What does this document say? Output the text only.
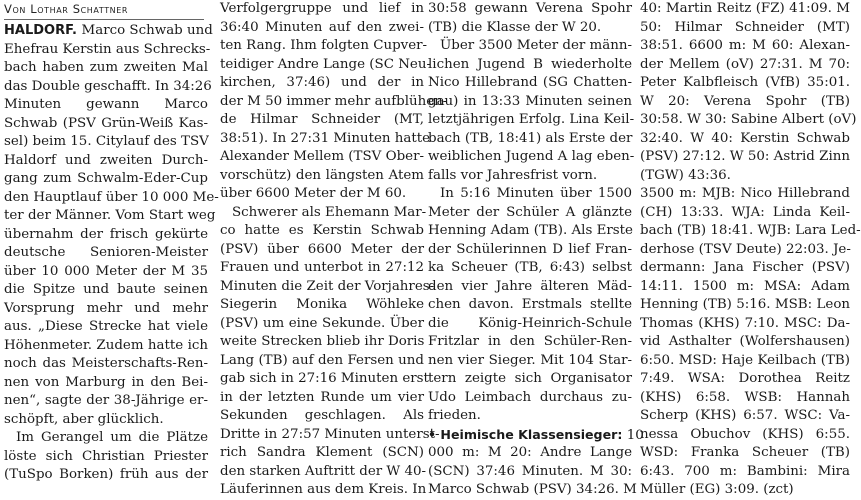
Von Lothar Schattner
HALDORF. Marco Schwab und
Ehefrau Kerstin aus Schrecks-
bach haben zum zweiten Mal
das Double geschafft. In 34:26
Minuten gewann Marco
Schwab (PSV Grün-Weiß Kas-
sel) beim 15. Citylauf des TSV
Haldorf und zweiten Durch-
gang zum Schwalm-Eder-Cup
den Hauptlauf über 10 000 Me-
ter der Männer. Vom Start weg
übernahm der frisch gekürte
deutsche Senioren-Meister
über 10 000 Meter der M 35
die Spitze und baute seinen
Vorsprung mehr und mehr
aus. „Diese Strecke hat viele
Höhenmeter. Zudem hatte ich
noch das Meisterschafts-Ren-
nen von Marburg in den Bei-
nen“, sagte der 38-Jährige er-
schöpft, aber glücklich.
Im Gerangel um die Plätze
löste sich Christian Priester
(TuSpo Borken) früh aus der
Verfolgergruppe und lief in
36:40 Minuten auf den zwei-
ten Rang. Ihm folgten Cupver-
teidiger Andre Lange (SC Neu-
kirchen, 37:46) und der in
der M 50 immer mehr aufblühen-
de Hilmar Schneider (MT,
38:51). In 27:31 Minuten hatte
Alexander Mellem (TSV Ober-
vorschütz) den längsten Atem
über 6600 Meter der M 60.
Schwerer als Ehemann Mar-
co hatte es Kerstin Schwab
(PSV) über 6600 Meter der
Frauen und unterbot in 27:12
Minuten die Zeit der Vorjahres-
Siegerin Monika Wöhleke
(PSV) um eine Sekunde. Über
weite Strecken blieb ihr Doris
Lang (TB) auf den Fersen und
gab sich in 27:16 Minuten erst
in der letzten Runde um vier
Sekunden geschlagen. Als
Dritte in 27:57 Minuten unterst-
rich Sandra Klement (SCN)
den starken Auftritt der W 40-
Läuferinnen aus dem Kreis. In
30:58 gewann Verena Spohr
(TB) die Klasse der W 20.
Über 3500 Meter der männ-
lichen Jugend B wiederholte
Nico Hillebrand (SG Chatten-
gau) in 13:33 Minuten seinen
letztjährigen Erfolg. Lina Keil-
bach (TB, 18:41) als Erste der
weiblichen Jugend A lag eben-
falls vor Jahresfrist vorn.
In 5:16 Minuten über 1500
Meter der Schüler A glänzte
Henning Adam (TB). Als Erste
der Schülerinnen D lief Fran-
ka Scheuer (TB, 6:43) selbst
den vier Jahre älteren Mäd-
chen davon. Erstmals stellte
die König-Heinrich-Schule
Fritzlar in den Schüler-Ren-
nen vier Sieger. Mit 104 Star-
tern zeigte sich Organisator
Udo Leimbach durchaus zu-
frieden.
• Heimische Klassensieger: 10
000 m: M 20: Andre Lange
(SCN) 37:46 Minuten. M 30:
Marco Schwab (PSV) 34:26. M
40: Martin Reitz (FZ) 41:09. M
50: Hilmar Schneider (MT)
38:51. 6600 m: M 60: Alexan-
der Mellem (oV) 27:31. M 70:
Peter Kalbfleisch (VfB) 35:01.
W 20: Verena Spohr (TB)
30:58. W 30: Sabine Albert (oV)
32:40. W 40: Kerstin Schwab
(PSV) 27:12. W 50: Astrid Zinn
(TGW) 43:36.
3500 m: MJB: Nico Hillebrand
(CH) 13:33. WJA: Linda Keil-
bach (TB) 18:41. WJB: Lara Led-
derhose (TSV Deute) 22:03. Je-
dermann: Jana Fischer (PSV)
14:11. 1500 m: MSA: Adam
Henning (TB) 5:16. MSB: Leon
Thomas (KHS) 7:10. MSC: Da-
vid Asthalter (Wolfershausen)
6:50. MSD: Haje Keilbach (TB)
7:49. WSA: Dorothea Reitz
(KHS) 6:58. WSB: Hannah
Scherp (KHS) 6:57. WSC: Va-
nessa Obuchov (KHS) 6:55.
WSD: Franka Scheuer (TB)
6:43. 700 m: Bambini: Mira
Müller (EG) 3:09. (zct)
